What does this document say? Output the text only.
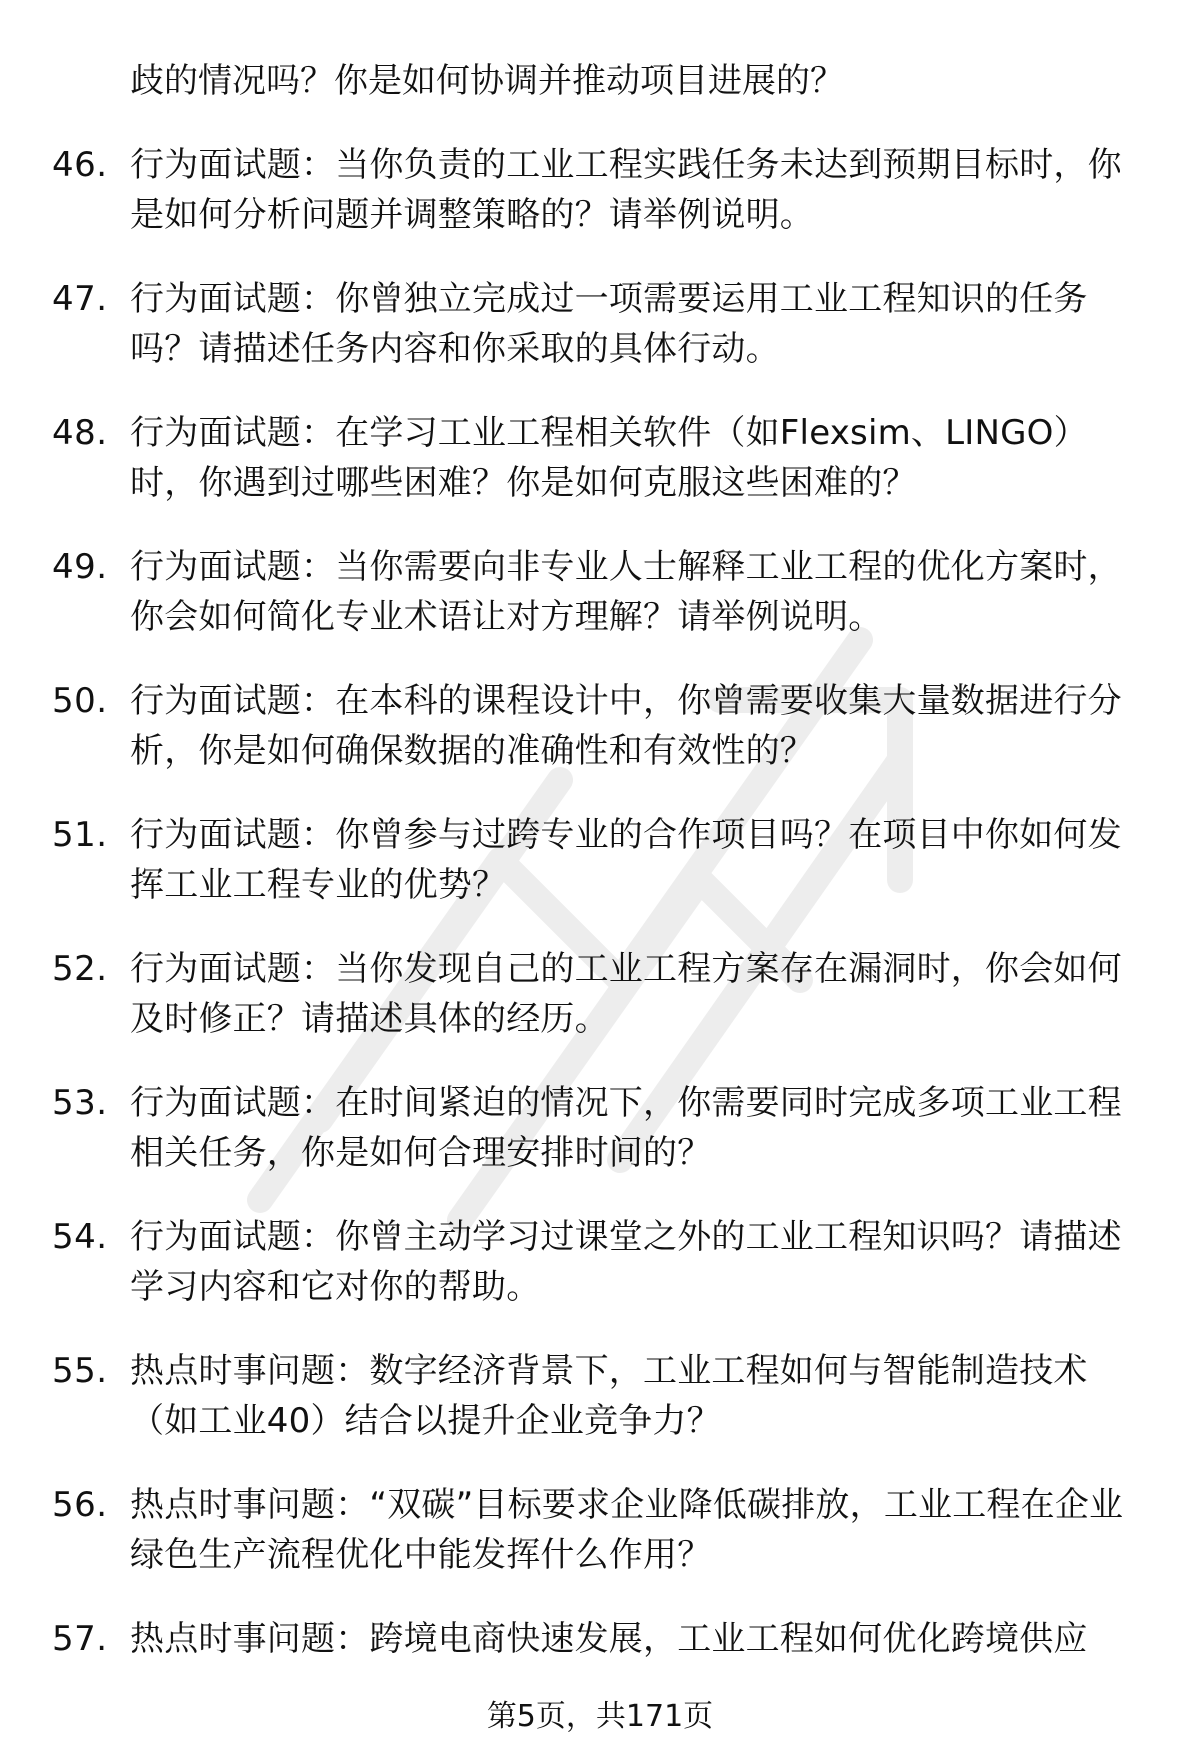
歧的情况吗？你是如何协调并推动项目进展的？
46. 行为面试题：当你负责的工业工程实践任务未达到预期目标时，你是如何分析问题并调整策略的？请举例说明。

47. 行为面试题：你曾独立完成过一项需要运用工业工程知识的任务吗？请描述任务内容和你采取的具体行动。

48. 行为面试题：在学习工业工程相关软件（如Flexsim、LINGO）时，你遇到过哪些困难？你是如何克服这些困难的？

49. 行为面试题：当你需要向非专业人士解释工业工程的优化方案时，你会如何简化专业术语让对方理解？请举例说明。

50. 行为面试题：在本科的课程设计中，你曾需要收集大量数据进行分析，你是如何确保数据的准确性和有效性的？

51. 行为面试题：你曾参与过跨专业的合作项目吗？在项目中你如何发挥工业工程专业的优势？

52. 行为面试题：当你发现自己的工业工程方案存在漏洞时，你会如何及时修正？请描述具体的经历。

53. 行为面试题：在时间紧迫的情况下，你需要同时完成多项工业工程相关任务，你是如何合理安排时间的？

54. 行为面试题：你曾主动学习过课堂之外的工业工程知识吗？请描述学习内容和它对你的帮助。

55. 热点时事问题：数字经济背景下，工业工程如何与智能制造技术（如工业40）结合以提升企业竞争力？

56. 热点时事问题：“双碳”目标要求企业降低碳排放，工业工程在企业绿色生产流程优化中能发挥什么作用？

57. 热点时事问题：跨境电商快速发展，工业工程如何优化跨境供应

第5页，共171页
